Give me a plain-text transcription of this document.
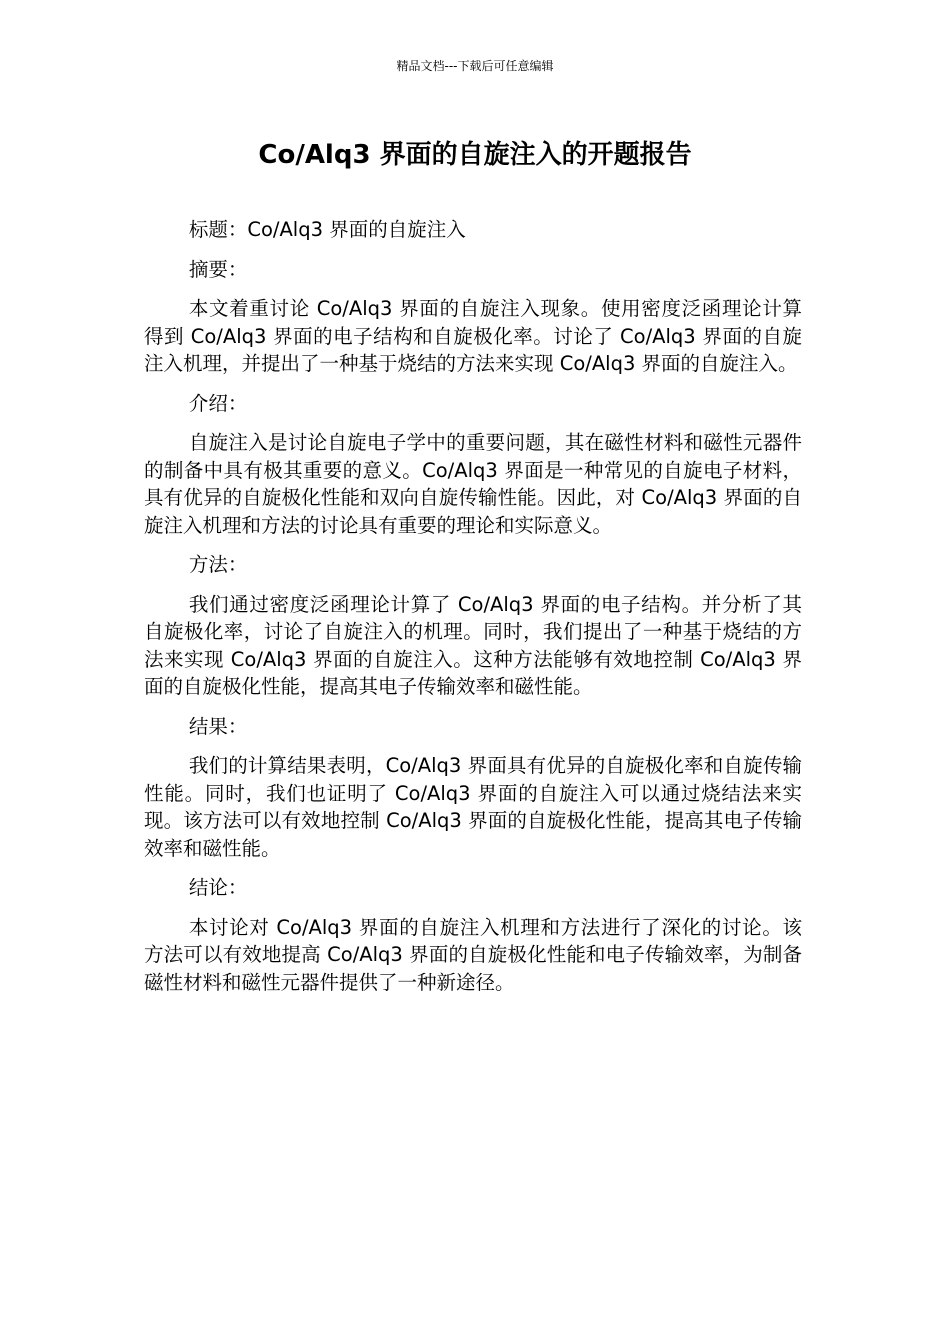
精品文档---下载后可任意编辑
Co/Alq3 界面的自旋注入的开题报告

标题：Co/Alq3 界面的自旋注入

摘要：

本文着重讨论 Co/Alq3 界面的自旋注入现象。使用密度泛函理论计算得到 Co/Alq3 界面的电子结构和自旋极化率。讨论了 Co/Alq3 界面的自旋注入机理，并提出了一种基于烧结的方法来实现 Co/Alq3 界面的自旋注入。

介绍：

自旋注入是讨论自旋电子学中的重要问题，其在磁性材料和磁性元器件的制备中具有极其重要的意义。Co/Alq3 界面是一种常见的自旋电子材料，具有优异的自旋极化性能和双向自旋传输性能。因此，对 Co/Alq3 界面的自旋注入机理和方法的讨论具有重要的理论和实际意义。

方法：

我们通过密度泛函理论计算了 Co/Alq3 界面的电子结构。并分析了其自旋极化率，讨论了自旋注入的机理。同时，我们提出了一种基于烧结的方法来实现 Co/Alq3 界面的自旋注入。这种方法能够有效地控制 Co/Alq3 界面的自旋极化性能，提高其电子传输效率和磁性能。

结果：

我们的计算结果表明，Co/Alq3 界面具有优异的自旋极化率和自旋传输性能。同时，我们也证明了 Co/Alq3 界面的自旋注入可以通过烧结法来实现。该方法可以有效地控制 Co/Alq3 界面的自旋极化性能，提高其电子传输效率和磁性能。

结论：

本讨论对 Co/Alq3 界面的自旋注入机理和方法进行了深化的讨论。该方法可以有效地提高 Co/Alq3 界面的自旋极化性能和电子传输效率，为制备磁性材料和磁性元器件提供了一种新途径。
